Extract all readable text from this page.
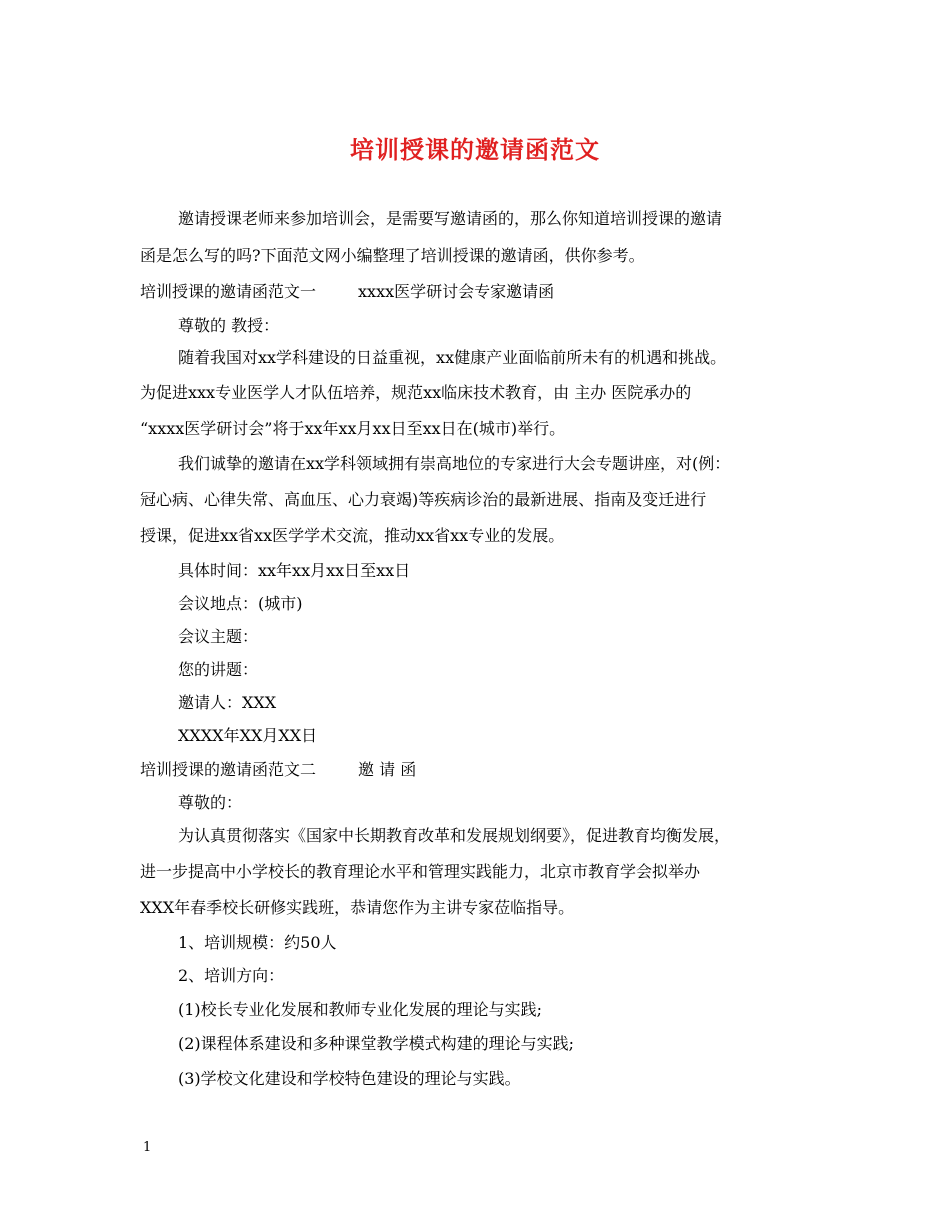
培训授课的邀请函范文
邀请授课老师来参加培训会，是需要写邀请函的，那么你知道培训授课的邀请
函是怎么写的吗?下面范文网小编整理了培训授课的邀请函，供你参考。
培训授课的邀请函范文一	xxxx医学研讨会专家邀请函
尊敬的 教授：
随着我国对xx学科建设的日益重视，xx健康产业面临前所未有的机遇和挑战。
为促进xxx专业医学人才队伍培养，规范xx临床技术教育，由 主办 医院承办的
“xxxx医学研讨会”将于xx年xx月xx日至xx日在(城市)举行。
我们诚挚的邀请在xx学科领域拥有崇高地位的专家进行大会专题讲座，对(例：
冠心病、心律失常、高血压、心力衰竭)等疾病诊治的最新进展、指南及变迁进行
授课，促进xx省xx医学学术交流，推动xx省xx专业的发展。
具体时间：xx年xx月xx日至xx日
会议地点：(城市)
会议主题：
您的讲题：
邀请人：XXX
XXXX年XX月XX日
培训授课的邀请函范文二	邀 请 函
尊敬的：
为认真贯彻落实《国家中长期教育改革和发展规划纲要》，促进教育均衡发展，
进一步提高中小学校长的教育理论水平和管理实践能力，北京市教育学会拟举办
XXX年春季校长研修实践班，恭请您作为主讲专家莅临指导。
1、培训规模：约50人
2、培训方向：
(1)校长专业化发展和教师专业化发展的理论与实践;
(2)课程体系建设和多种课堂教学模式构建的理论与实践;
(3)学校文化建设和学校特色建设的理论与实践。
1
